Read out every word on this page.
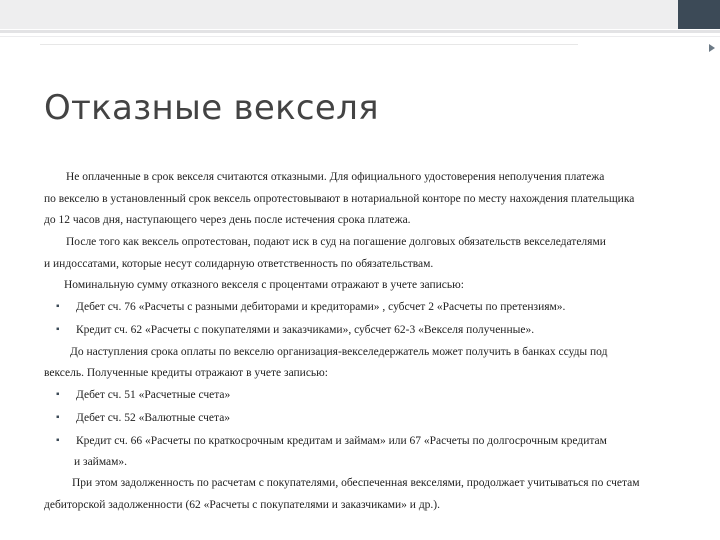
Отказные векселя
Не оплаченные в срок векселя считаются отказными. Для официального удостоверения неполучения платежа
по векселю в установленный срок вексель опротестовывают в нотариальной конторе по месту нахождения плательщика
до 12 часов дня, наступающего через день после истечения срока платежа.
После того как вексель опротестован, подают иск в суд на погашение долговых обязательств векселедателями
и индоссатами, которые несут солидарную ответственность по обязательствам.
Номинальную сумму отказного векселя с процентами отражают в учете записью:
▪ Дебет сч. 76 «Расчеты с разными дебиторами и кредиторами» , субсчет 2 «Расчеты по претензиям».
▪ Кредит сч. 62 «Расчеты с покупателями и заказчиками», субсчет 62-3 «Векселя полученные».
До наступления срока оплаты по векселю организация-векселедержатель может получить в банках ссуды под
вексель. Полученные кредиты отражают в учете записью:
▪ Дебет сч. 51 «Расчетные счета»
▪ Дебет сч. 52 «Валютные счета»
▪ Кредит сч. 66 «Расчеты по краткосрочным кредитам и займам» или 67 «Расчеты по долгосрочным кредитам
и займам».
При этом задолженность по расчетам с покупателями, обеспеченная векселями, продолжает учитываться по счетам
дебиторской задолженности (62 «Расчеты с покупателями и заказчиками» и др.).
